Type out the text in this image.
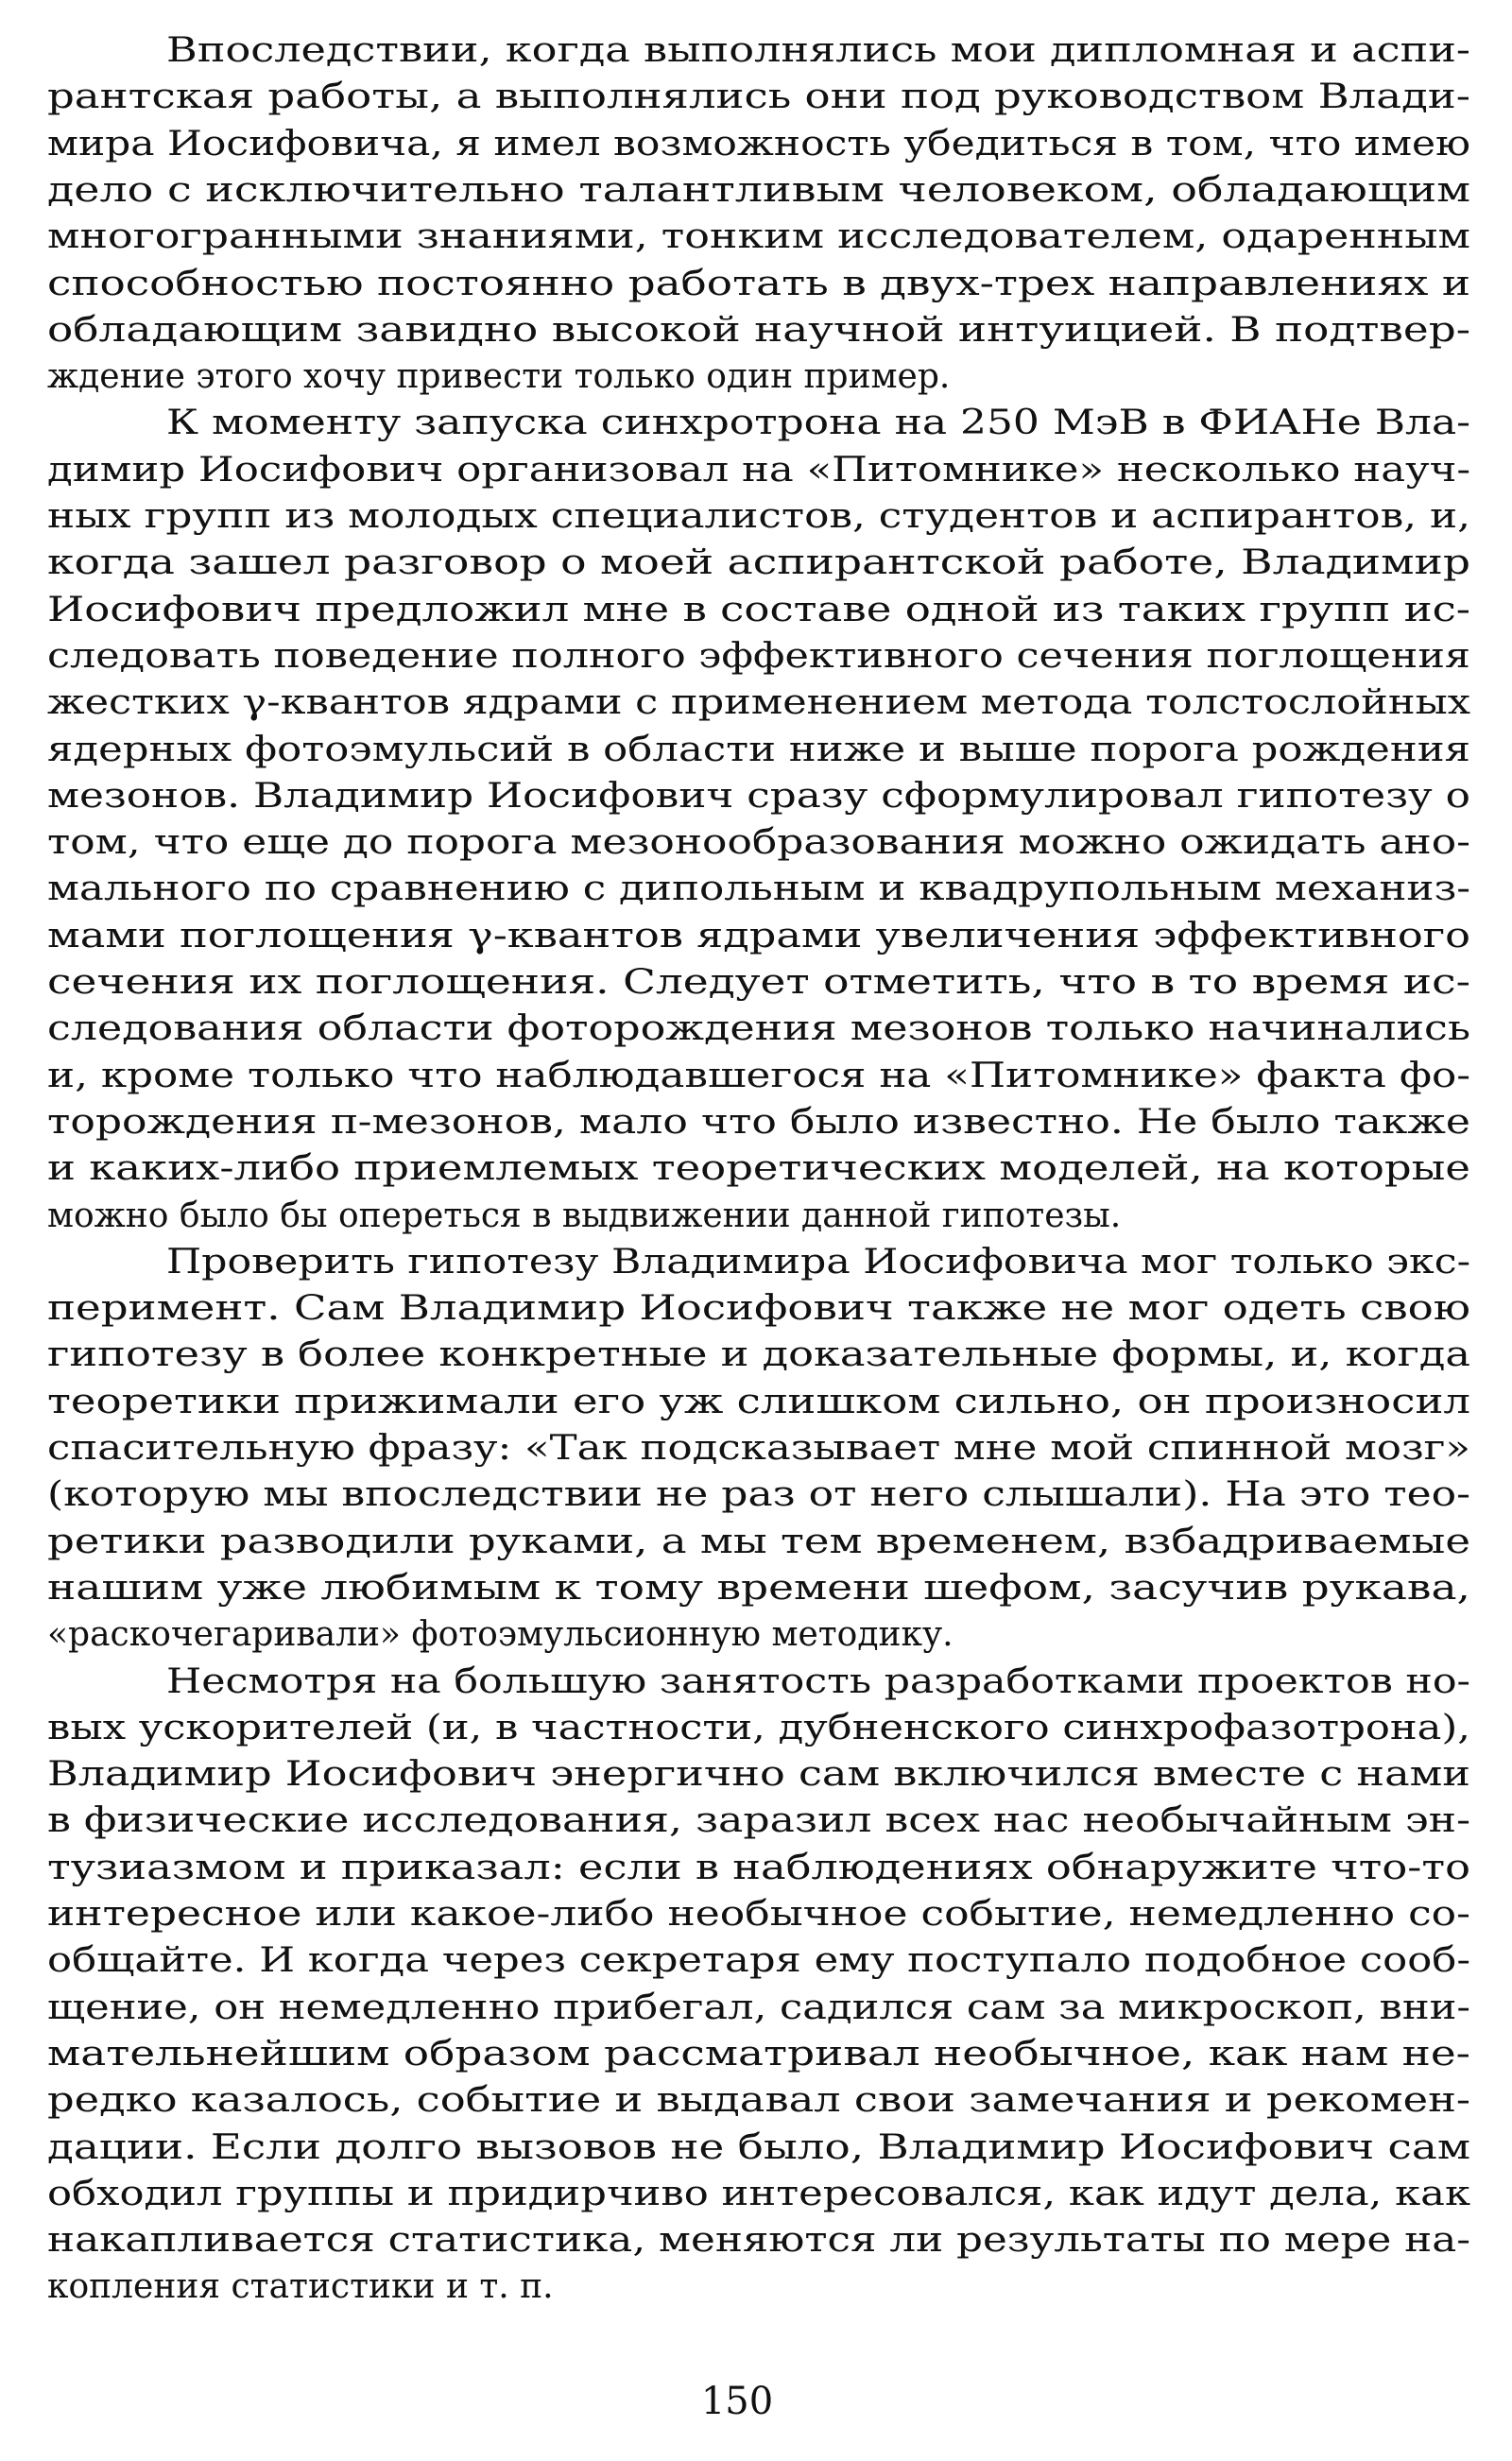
Впоследствии, когда выполнялись мои дипломная и аспи-
рантская работы, а выполнялись они под руководством Влади-
мира Иосифовича, я имел возможность убедиться в том, что имею
дело с исключительно талантливым человеком, обладающим
многогранными знаниями, тонким исследователем, одаренным
способностью постоянно работать в двух-трех направлениях и
обладающим завидно высокой научной интуицией. В подтвер-
ждение этого хочу привести только один пример.
К моменту запуска синхротрона на 250 МэВ в ФИАНе Вла-
димир Иосифович организовал на «Питомнике» несколько науч-
ных групп из молодых специалистов, студентов и аспирантов, и,
когда зашел разговор о моей аспирантской работе, Владимир
Иосифович предложил мне в составе одной из таких групп ис-
следовать поведение полного эффективного сечения поглощения
жестких γ-квантов ядрами с применением метода толстослойных
ядерных фотоэмульсий в области ниже и выше порога рождения
мезонов. Владимир Иосифович сразу сформулировал гипотезу о
том, что еще до порога мезонообразования можно ожидать ано-
мального по сравнению с дипольным и квадрупольным механиз-
мами поглощения γ-квантов ядрами увеличения эффективного
сечения их поглощения. Следует отметить, что в то время ис-
следования области фоторождения мезонов только начинались
и, кроме только что наблюдавшегося на «Питомнике» факта фо-
торождения π-мезонов, мало что было известно. Не было также
и каких-либо приемлемых теоретических моделей, на которые
можно было бы опереться в выдвижении данной гипотезы.
Проверить гипотезу Владимира Иосифовича мог только экс-
перимент. Сам Владимир Иосифович также не мог одеть свою
гипотезу в более конкретные и доказательные формы, и, когда
теоретики прижимали его уж слишком сильно, он произносил
спасительную фразу: «Так подсказывает мне мой спинной мозг»
(которую мы впоследствии не раз от него слышали). На это тео-
ретики разводили руками, а мы тем временем, взбадриваемые
нашим уже любимым к тому времени шефом, засучив рукава,
«раскочегаривали» фотоэмульсионную методику.
Несмотря на большую занятость разработками проектов но-
вых ускорителей (и, в частности, дубненского синхрофазотрона),
Владимир Иосифович энергично сам включился вместе с нами
в физические исследования, заразил всех нас необычайным эн-
тузиазмом и приказал: если в наблюдениях обнаружите что-то
интересное или какое-либо необычное событие, немедленно со-
общайте. И когда через секретаря ему поступало подобное сооб-
щение, он немедленно прибегал, садился сам за микроскоп, вни-
мательнейшим образом рассматривал необычное, как нам не-
редко казалось, событие и выдавал свои замечания и рекомен-
дации. Если долго вызовов не было, Владимир Иосифович сам
обходил группы и придирчиво интересовался, как идут дела, как
накапливается статистика, меняются ли результаты по мере на-
копления статистики и т. п.
150
